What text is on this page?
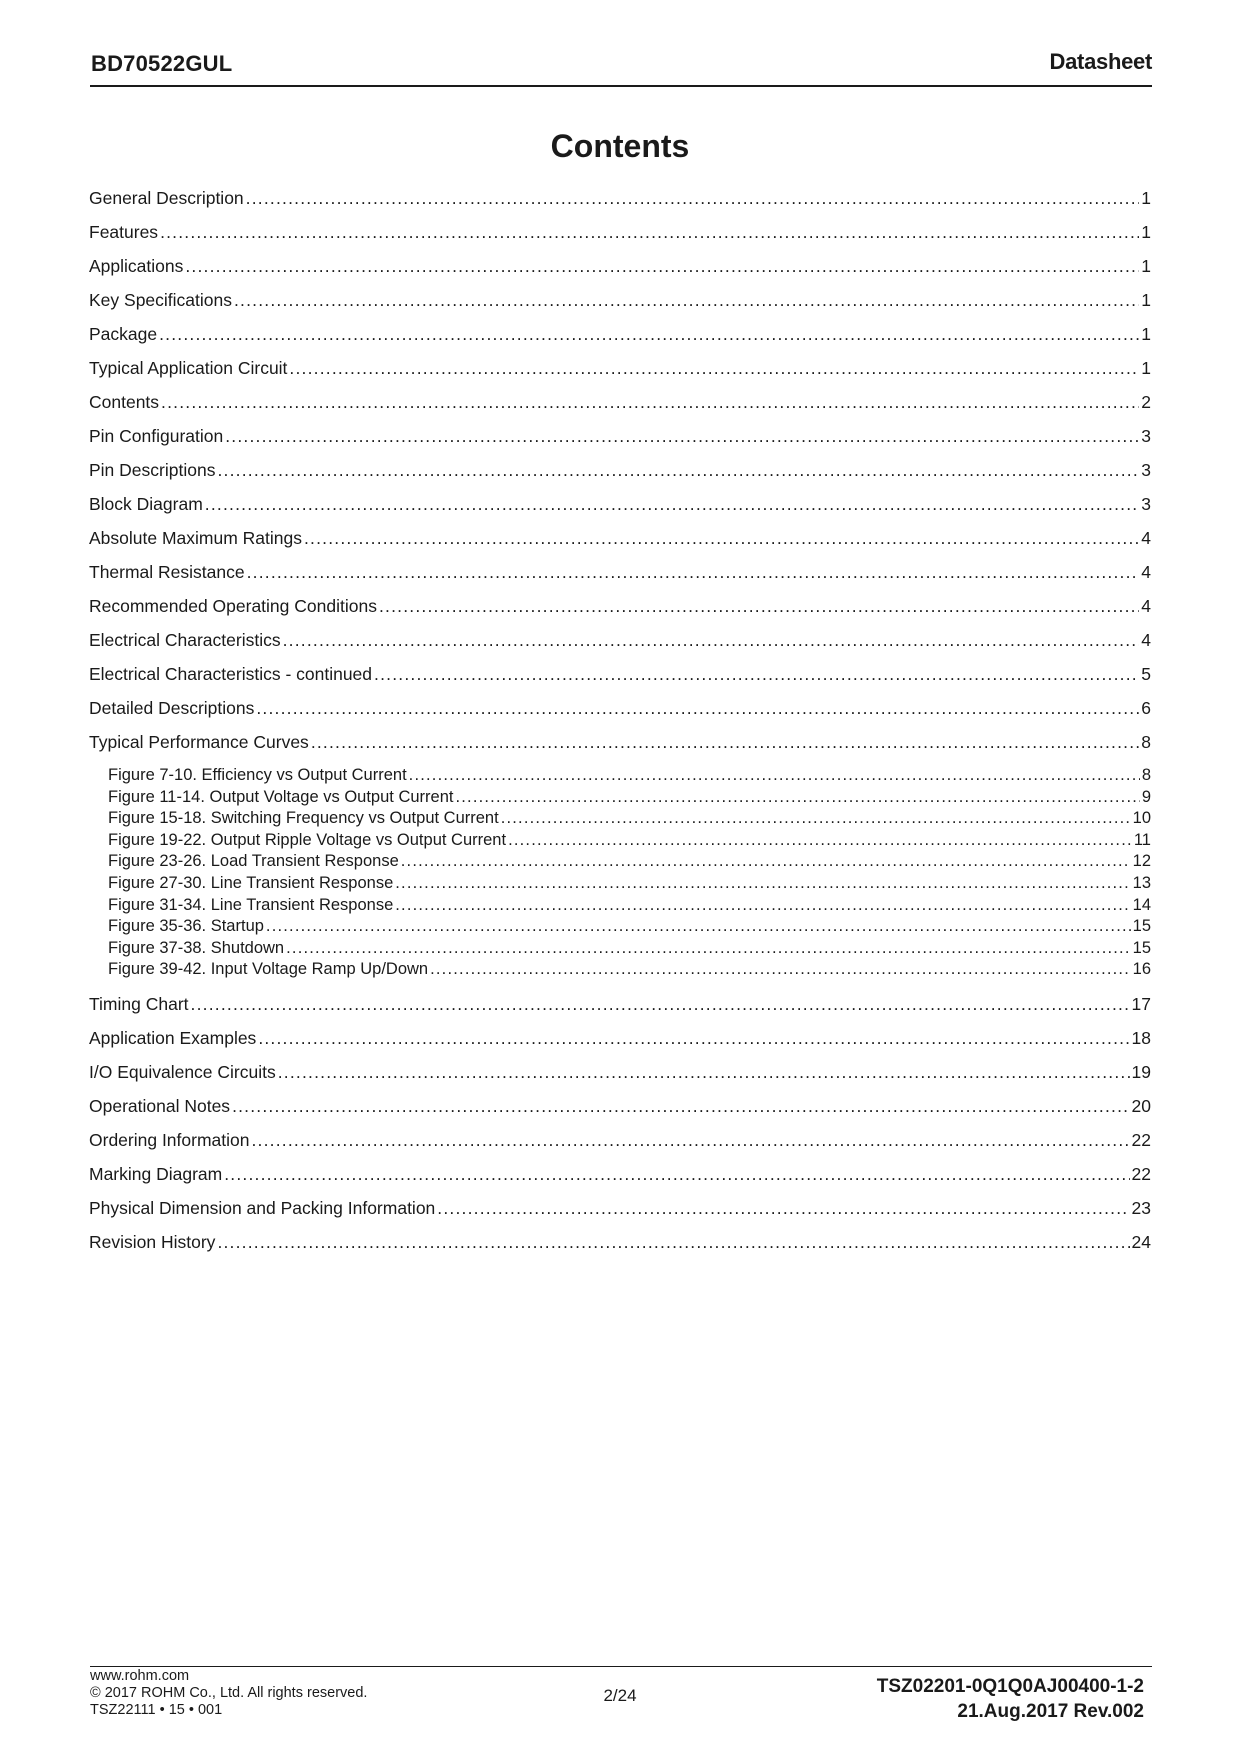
BD70522GUL	Datasheet
Contents
General Description .....	1
Features .....	1
Applications .....	1
Key Specifications .....	1
Package .....	1
Typical Application Circuit .....	1
Contents .....	2
Pin Configuration .....	3
Pin Descriptions .....	3
Block Diagram .....	3
Absolute Maximum Ratings .....	4
Thermal Resistance .....	4
Recommended Operating Conditions .....	4
Electrical Characteristics .....	4
Electrical Characteristics - continued .....	5
Detailed Descriptions .....	6
Typical Performance Curves .....	8
Figure 7-10. Efficiency vs Output Current .....	8
Figure 11-14. Output Voltage vs Output Current .....	9
Figure 15-18. Switching Frequency vs Output Current .....	10
Figure 19-22. Output Ripple Voltage vs Output Current .....	11
Figure 23-26. Load Transient Response .....	12
Figure 27-30. Line Transient Response .....	13
Figure 31-34. Line Transient Response .....	14
Figure 35-36. Startup .....	15
Figure 37-38. Shutdown .....	15
Figure 39-42. Input Voltage Ramp Up/Down .....	16
Timing Chart .....	17
Application Examples .....	18
I/O Equivalence Circuits .....	19
Operational Notes .....	20
Ordering Information .....	22
Marking Diagram .....	22
Physical Dimension and Packing Information .....	23
Revision History .....	24
www.rohm.com
© 2017 ROHM Co., Ltd. All rights reserved.
TSZ22111 • 15 • 001
2/24	TSZ02201-0Q1Q0AJ00400-1-2
21.Aug.2017 Rev.002
